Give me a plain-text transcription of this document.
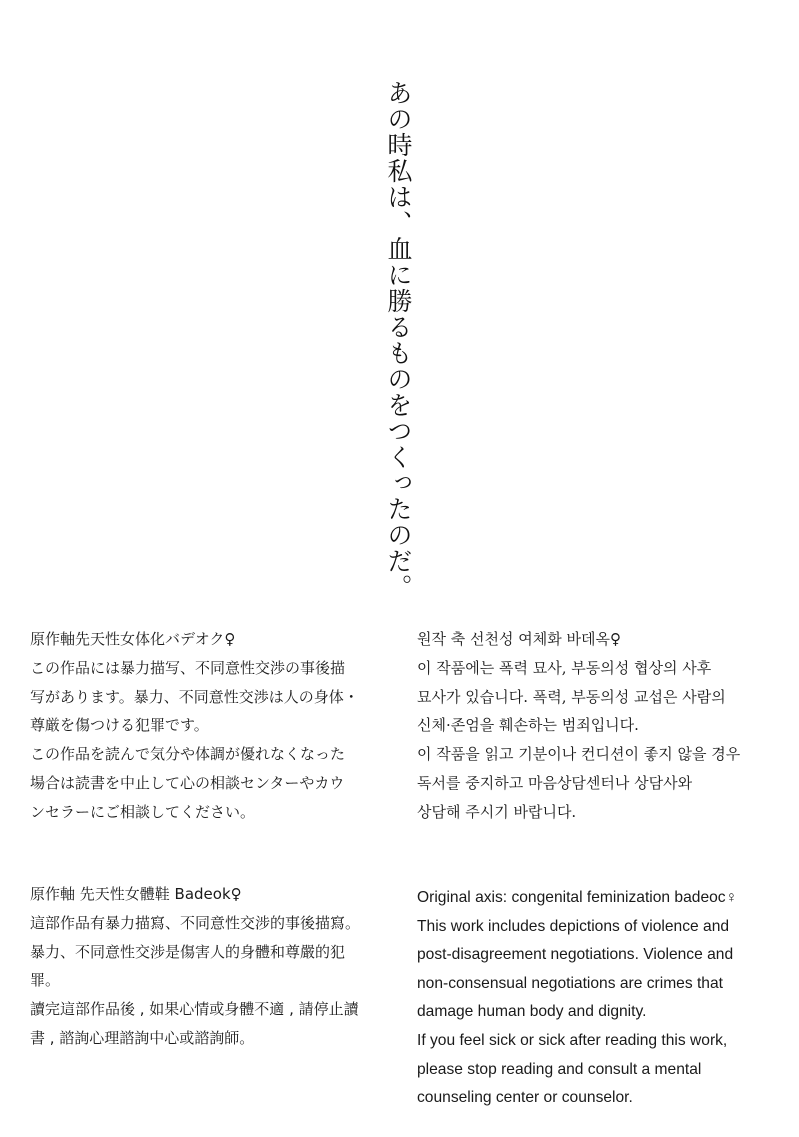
あの時私は、血に勝るものをつくったのだ。

原作軸先天性女体化バデオク♀

この作品には暴力描写、不同意性交渉の事後描

写があります。暴力、不同意性交渉は人の身体・

尊厳を傷つける犯罪です。

この作品を読んで気分や体調が優れなくなった

場合は読書を中止して心の相談センターやカウ

ンセラーにご相談してください。

원작 축 선천성 여체화 바데옥♀

이 작품에는 폭력 묘사, 부동의성 협상의 사후

묘사가 있습니다. 폭력, 부동의성 교섭은 사람의

신체·존엄을 훼손하는 범죄입니다.

이 작품을 읽고 기분이나 컨디션이 좋지 않을 경우

독서를 중지하고 마음상담센터나 상담사와

상담해 주시기 바랍니다.

原作軸 先天性女體鞋 Badeok♀

這部作品有暴力描寫、不同意性交涉的事後描寫。

暴力、不同意性交涉是傷害人的身體和尊嚴的犯

罪。

讀完這部作品後 , 如果心情或身體不適 , 請停止讀

書 , 諮詢心理諮詢中心或諮詢師。

Original axis: congenital feminization badeoc♀

This work includes depictions of violence and

post-disagreement negotiations. Violence and

non-consensual negotiations are crimes that

damage human body and dignity.

If you feel sick or sick after reading this work,

please stop reading and consult a mental

counseling center or counselor.
